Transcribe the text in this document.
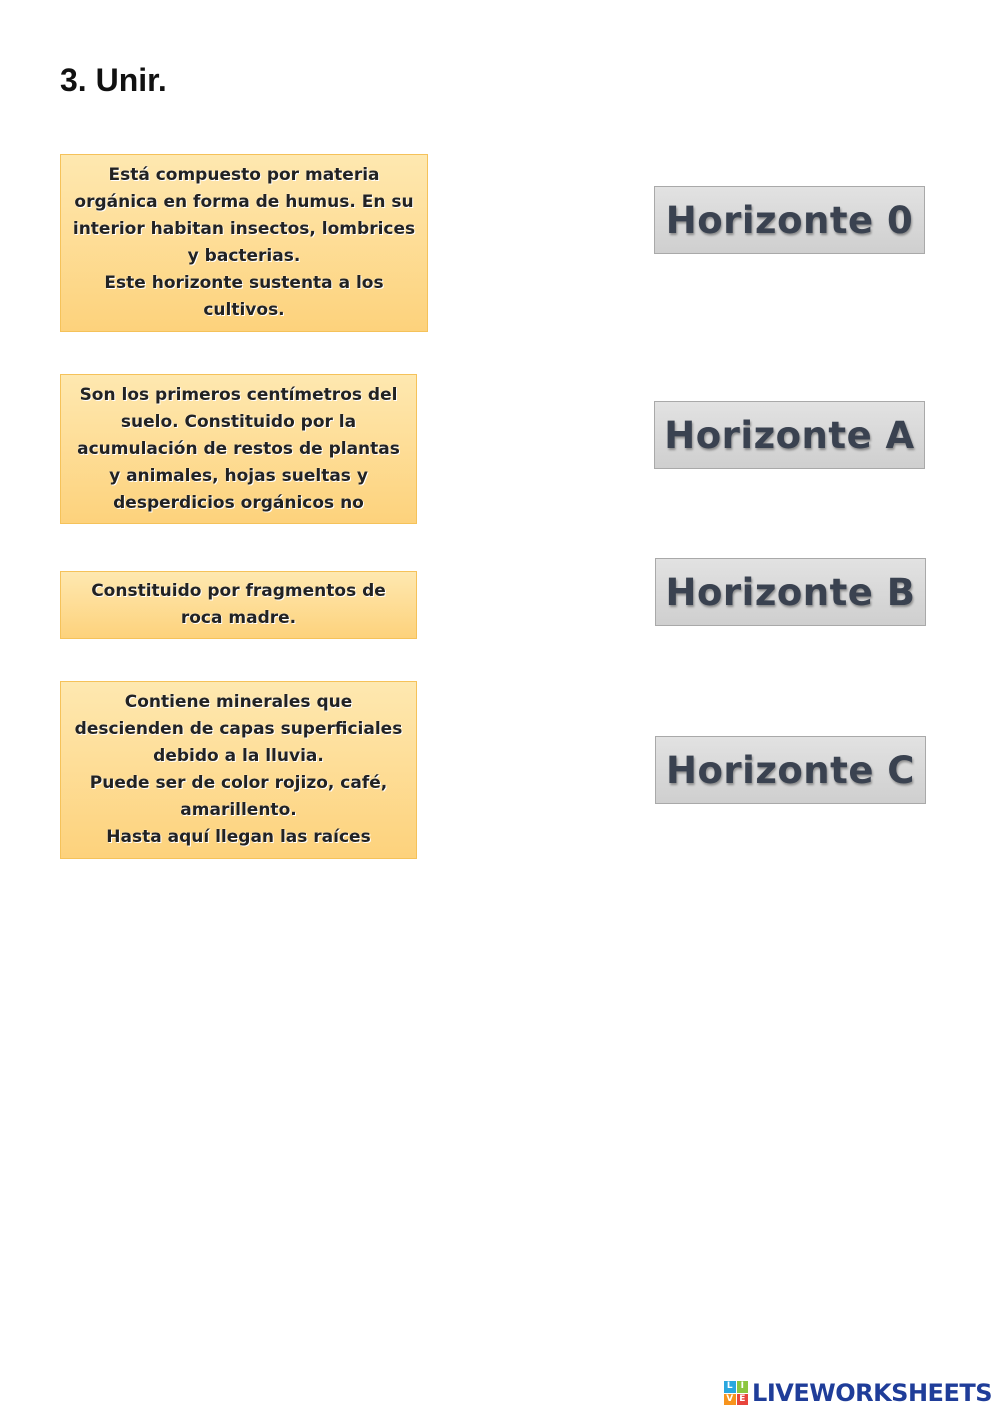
3. Unir.
Está compuesto por materia orgánica en forma de humus. En su interior habitan insectos, lombrices y bacterias.
Este horizonte sustenta a los cultivos.
Son los primeros centímetros del suelo. Constituido por la acumulación de restos de plantas y animales, hojas sueltas y desperdicios orgánicos no
Constituido por fragmentos de roca madre.
Contiene minerales que descienden de capas superficiales debido a la lluvia.
Puede ser de color rojizo, café, amarillento.
Hasta aquí llegan las raíces
Horizonte 0
Horizonte A
Horizonte B
Horizonte C
L I
V E LIVEWORKSHEETS
